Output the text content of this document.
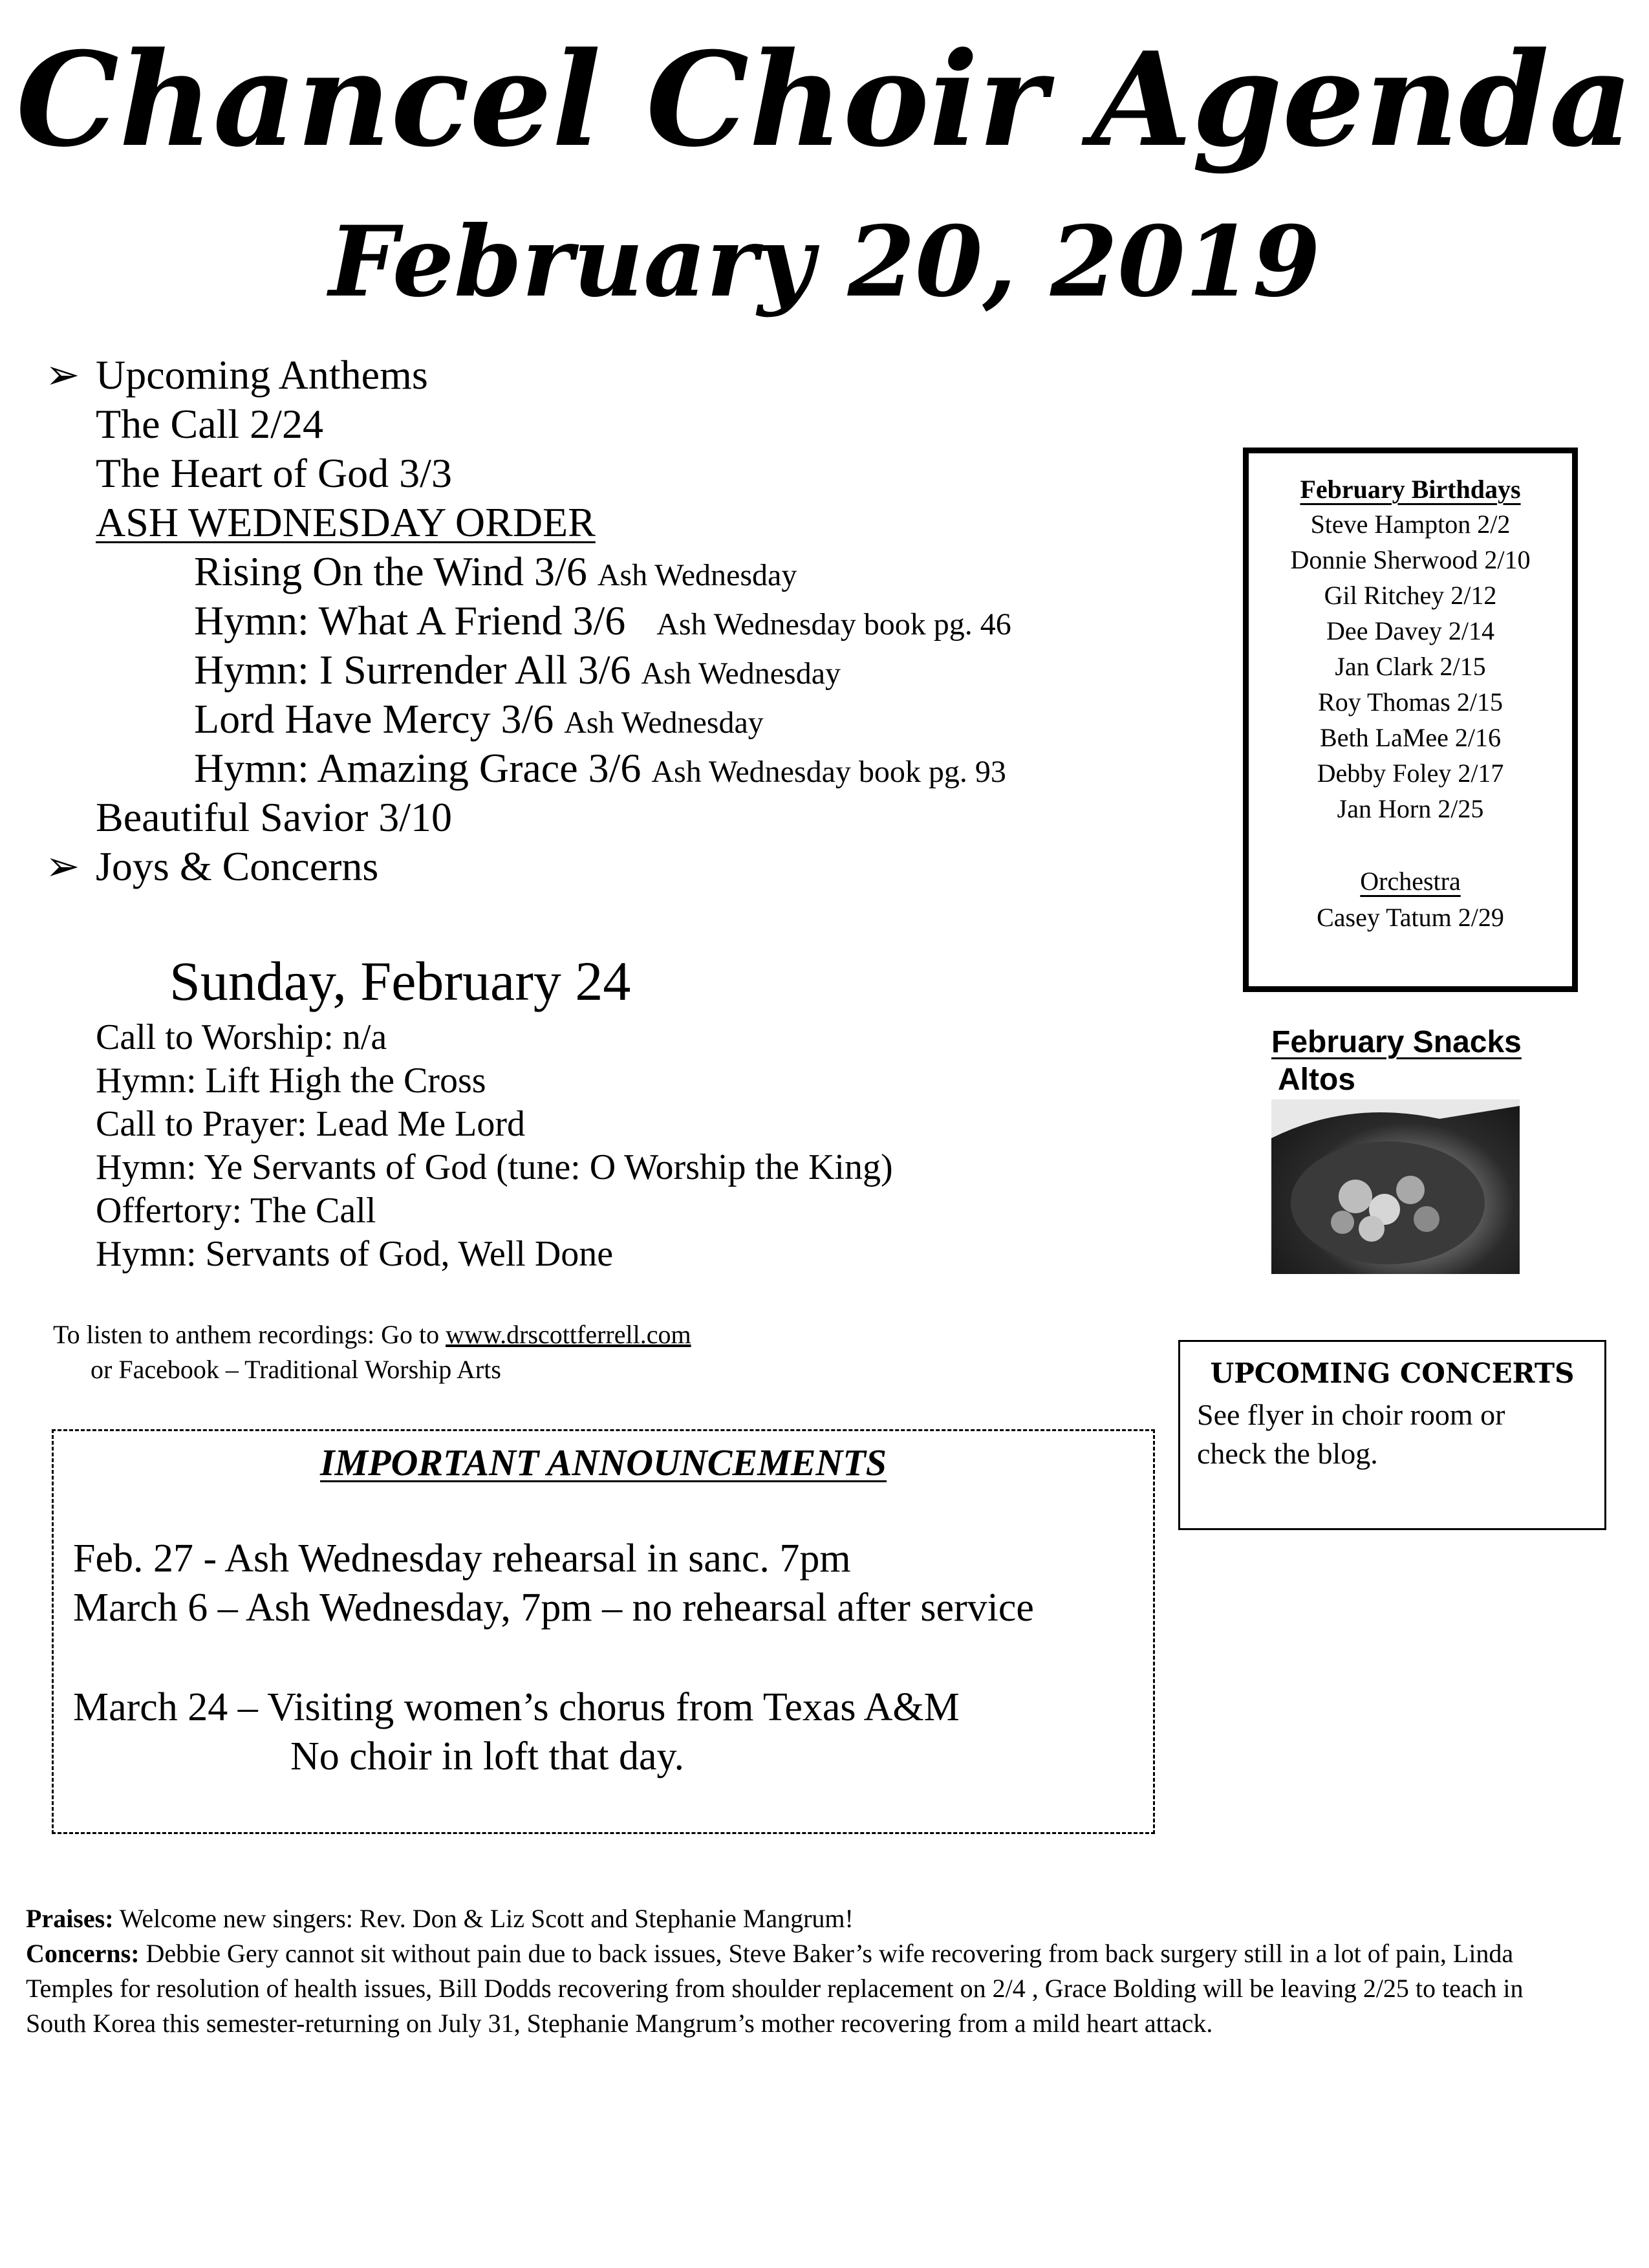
Chancel Choir Agenda
February 20, 2019
➢ Upcoming Anthems
The Call 2/24
The Heart of God 3/3
ASH WEDNESDAY ORDER
Rising On the Wind 3/6 Ash Wednesday
Hymn: What A Friend 3/6 Ash Wednesday book pg. 46
Hymn: I Surrender All 3/6 Ash Wednesday
Lord Have Mercy 3/6 Ash Wednesday
Hymn: Amazing Grace 3/6 Ash Wednesday book pg. 93
Beautiful Savior 3/10
➢ Joys & Concerns
Sunday, February 24
Call to Worship: n/a
Hymn: Lift High the Cross
Call to Prayer: Lead Me Lord
Hymn: Ye Servants of God (tune: O Worship the King)
Offertory: The Call
Hymn: Servants of God, Well Done
To listen to anthem recordings: Go to www.drscottferrell.com
or Facebook – Traditional Worship Arts
February Birthdays
Steve Hampton 2/2
Donnie Sherwood 2/10
Gil Ritchey 2/12
Dee Davey 2/14
Jan Clark 2/15
Roy Thomas 2/15
Beth LaMee 2/16
Debby Foley 2/17
Jan Horn 2/25
Orchestra
Casey Tatum 2/29
February Snacks
Altos
UPCOMING CONCERTS
See flyer in choir room or
check the blog.
IMPORTANT ANNOUNCEMENTS
Feb. 27 - Ash Wednesday rehearsal in sanc. 7pm
March 6 – Ash Wednesday, 7pm – no rehearsal after service
March 24 – Visiting women’s chorus from Texas A&M
No choir in loft that day.
Praises: Welcome new singers: Rev. Don & Liz Scott and Stephanie Mangrum!
Concerns: Debbie Gery cannot sit without pain due to back issues, Steve Baker’s wife recovering from back surgery still in a lot of pain, Linda Temples for resolution of health issues, Bill Dodds recovering from shoulder replacement on 2/4 , Grace Bolding will be leaving 2/25 to teach in South Korea this semester-returning on July 31, Stephanie Mangrum’s mother recovering from a mild heart attack.
